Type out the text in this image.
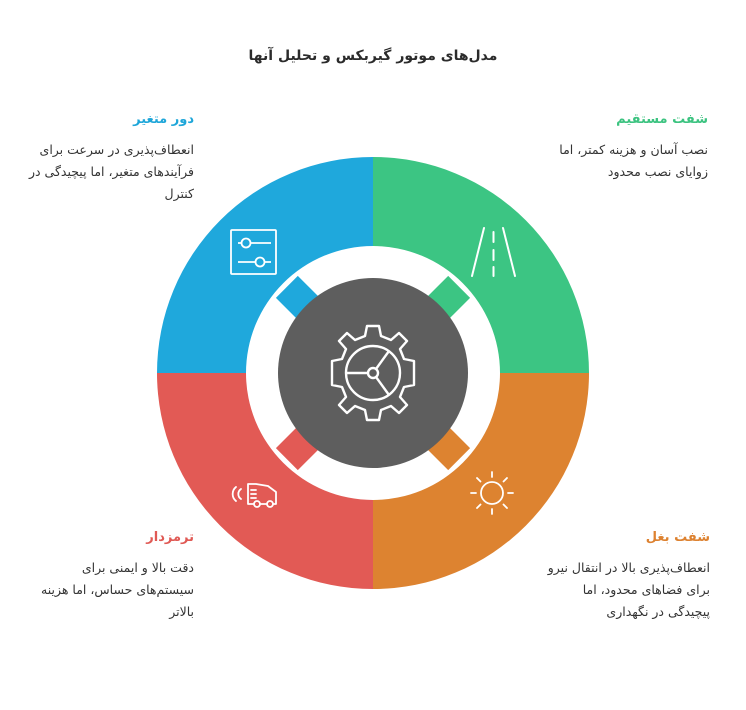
مدل‌های موتور گیربکس و تحلیل آنها
دور متغیر
انعطاف‌پذیری در سرعت برای فرآیندهای متغیر، اما پیچیدگی در کنترل
شفت مستقیم
نصب آسان و هزینه کمتر، اما زوایای نصب محدود
شفت بغل
انعطاف‌پذیری بالا در انتقال نیرو برای فضاهای محدود، اما پیچیدگی در نگهداری
ترمزدار
دقت بالا و ایمنی برای سیستم‌های حساس، اما هزینه بالاتر
